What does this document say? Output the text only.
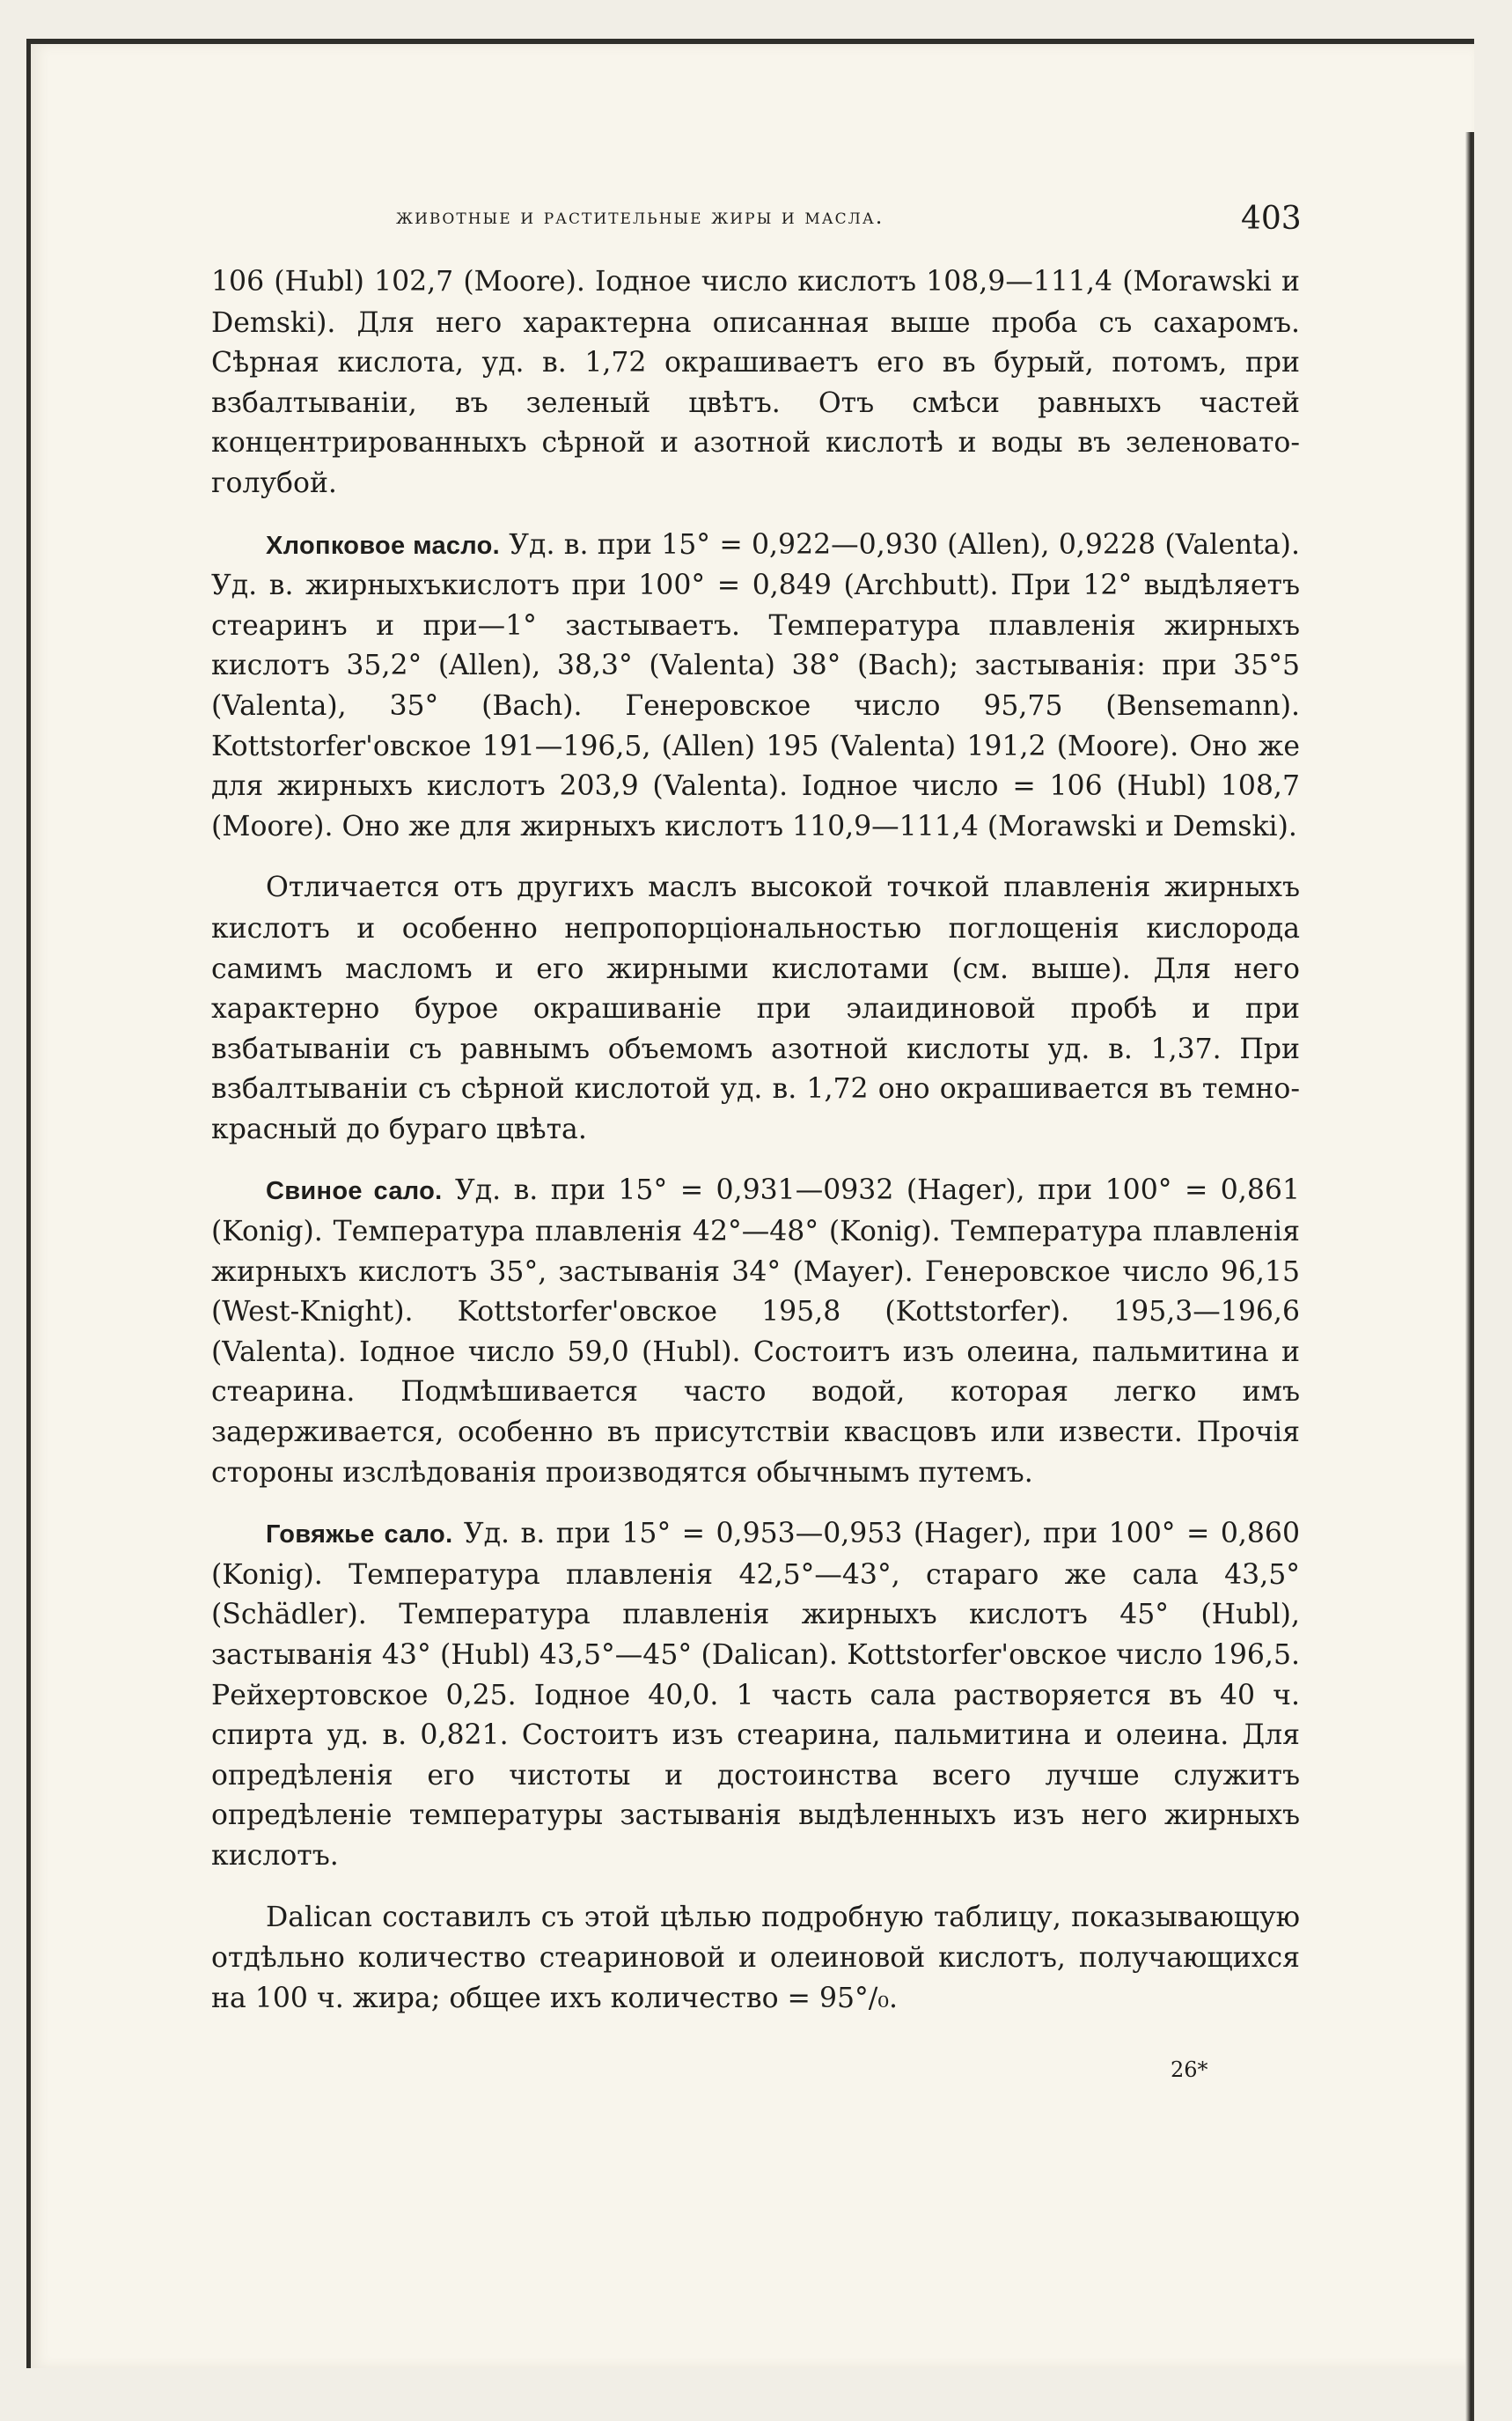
животные и растительные жиры и масла.	403

106 (Hubl) 102,7 (Moore). Іодное число кислотъ 108,9—111,4 (Morawski и Demski). Для него характерна описанная выше проба съ сахаромъ. Сѣрная кислота, уд. в. 1,72 окрашиваетъ его въ бурый, потомъ, при взбалтываніи, въ зеленый цвѣтъ. Отъ смѣси равныхъ частей концентрированныхъ сѣрной и азотной кислотѣ и воды въ зеленовато-голубой.

Хлопковое масло. Уд. в. при 15° = 0,922—0,930 (Allen), 0,9228 (Valenta). Уд. в. жирныхъкислотъ при 100° = 0,849 (Archbutt). При 12° выдѣляетъ стеаринъ и при—1° застываетъ. Температура плавленія жирныхъ кислотъ 35,2° (Allen), 38,3° (Valenta) 38° (Bach); застыванія: при 35°5 (Valenta), 35° (Bach). Генеровское число 95,75 (Bensemann). Kottstorfer'овское 191—196,5, (Allen) 195 (Valenta) 191,2 (Moore). Оно же для жирныхъ кислотъ 203,9 (Valenta). Іодное число = 106 (Hubl) 108,7 (Moore). Оно же для жирныхъ кислотъ 110,9—111,4 (Morawski и Demski).

Отличается отъ другихъ маслъ высокой точкой плавленія жирныхъ кислотъ и особенно непропорціональностью поглощенія кислорода самимъ масломъ и его жирными кислотами (см. выше). Для него характерно бурое окрашиваніе при элаидиновой пробѣ и при взбатываніи съ равнымъ объемомъ азотной кислоты уд. в. 1,37. При взбалтываніи съ сѣрной кислотой уд. в. 1,72 оно окрашивается въ темно-красный до бураго цвѣта.

Свиное сало. Уд. в. при 15° = 0,931—0932 (Hager), при 100° = 0,861 (Konig). Температура плавленія 42°—48° (Konig). Температура плавленія жирныхъ кислотъ 35°, застыванія 34° (Mayer). Генеровское число 96,15 (West-Knight). Kottstorfer'овское 195,8 (Kottstorfer). 195,3—196,6 (Valenta). Іодное число 59,0 (Hubl). Состоитъ изъ олеина, пальмитина и стеарина. Подмѣшивается часто водой, которая легко имъ задерживается, особенно въ присутствіи квасцовъ или извести. Прочія стороны изслѣдованія производятся обычнымъ путемъ.

Говяжье сало. Уд. в. при 15° = 0,953—0,953 (Hager), при 100° = 0,860 (Konig). Температура плавленія 42,5°—43°, стараго же сала 43,5° (Schädler). Температура плавленія жирныхъ кислотъ 45° (Hubl), застыванія 43° (Hubl) 43,5°—45° (Dalican). Kottstorfer'овское число 196,5. Рейхертовское 0,25. Іодное 40,0. 1 часть сала растворяется въ 40 ч. спирта уд. в. 0,821. Состоитъ изъ стеарина, пальмитина и олеина. Для опредѣленія его чистоты и достоинства всего лучше служитъ опредѣленіе температуры застыванія выдѣленныхъ изъ него жирныхъ кислотъ.

Dalican составилъ съ этой цѣлью подробную таблицу, показывающую отдѣльно количество стеариновой и олеиновой кислотъ, получающихся на 100 ч. жира; общее ихъ количество = 95°/₀.

26*
